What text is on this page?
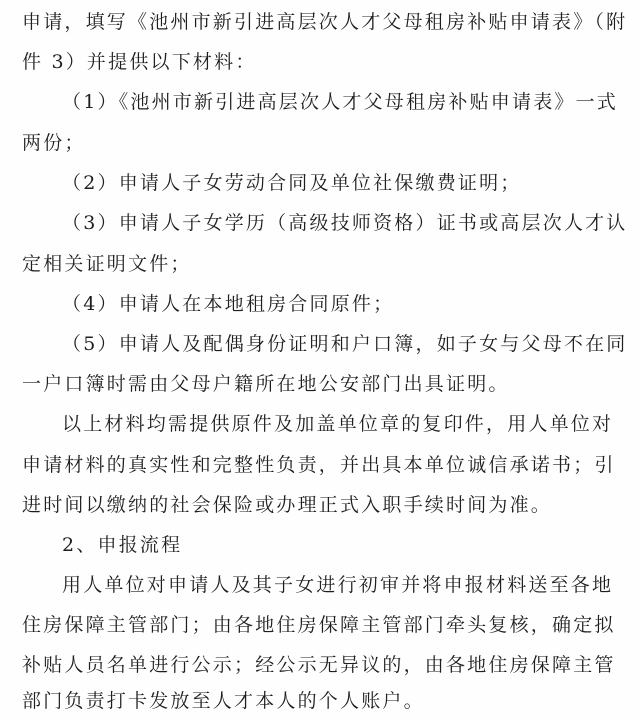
申请，填写《池州市新引进高层次人才父母租房补贴申请表》（附
件 3）并提供以下材料：
（1）《池州市新引进高层次人才父母租房补贴申请表》一式
两份；
（2）申请人子女劳动合同及单位社保缴费证明；
（3）申请人子女学历（高级技师资格）证书或高层次人才认
定相关证明文件；
（4）申请人在本地租房合同原件；
（5）申请人及配偶身份证明和户口簿，如子女与父母不在同
一户口簿时需由父母户籍所在地公安部门出具证明。
以上材料均需提供原件及加盖单位章的复印件，用人单位对
申请材料的真实性和完整性负责，并出具本单位诚信承诺书；引
进时间以缴纳的社会保险或办理正式入职手续时间为准。
2、申报流程
用人单位对申请人及其子女进行初审并将申报材料送至各地
住房保障主管部门；由各地住房保障主管部门牵头复核，确定拟
补贴人员名单进行公示；经公示无异议的，由各地住房保障主管
部门负责打卡发放至人才本人的个人账户。
